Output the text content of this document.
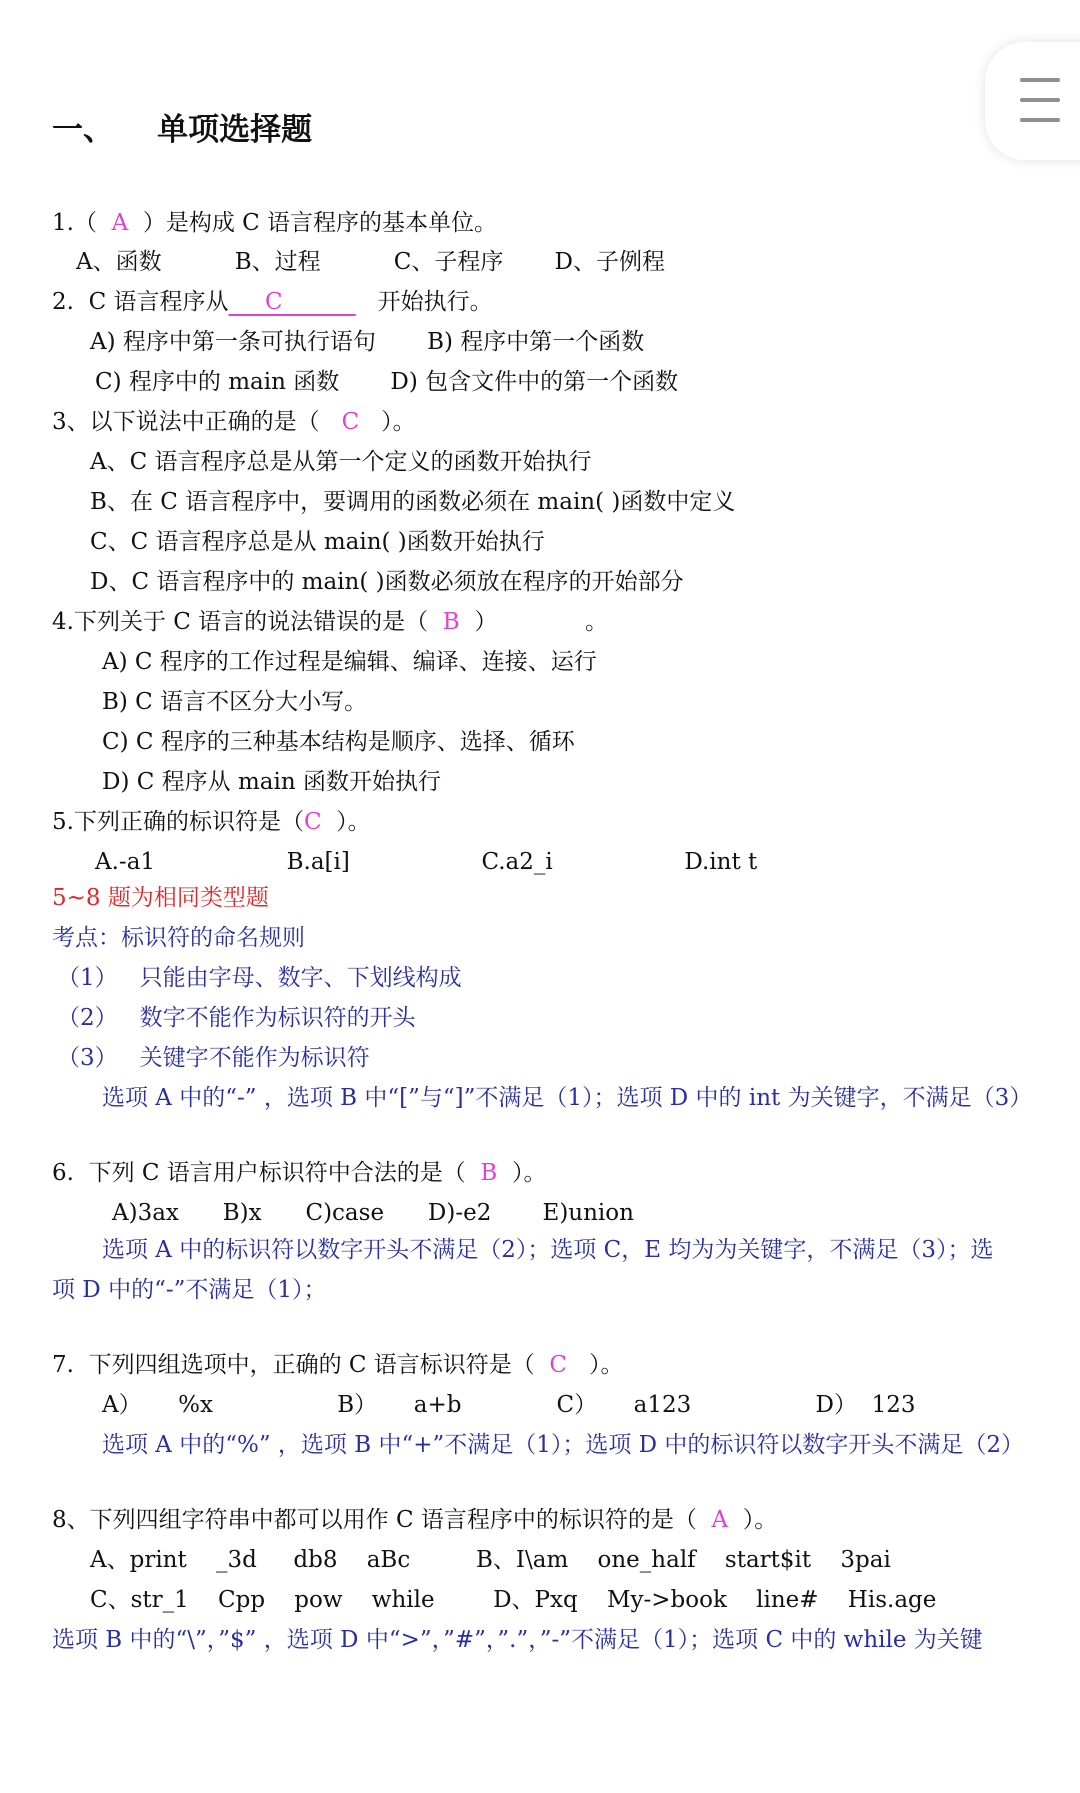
一、    单项选择题
1.（  A  ）是构成 C 语言程序的基本单位。
A、函数          B、过程          C、子程序       D、子例程
2.  C 语言程序从     C             开始执行。
A) 程序中第一条可执行语句       B) 程序中第一个函数
C) 程序中的 main 函数       D) 包含文件中的第一个函数
3、以下说法中正确的是（   C   ）。
A、C 语言程序总是从第一个定义的函数开始执行
B、在 C 语言程序中，要调用的函数必须在 main( )函数中定义
C、C 语言程序总是从 main( )函数开始执行
D、C 语言程序中的 main( )函数必须放在程序的开始部分
4.下列关于 C 语言的说法错误的是（  B  ）            。
A) C 程序的工作过程是编辑、编译、连接、运行
B) C 语言不区分大小写。
C) C 程序的三种基本结构是顺序、选择、循环
D) C 程序从 main 函数开始执行
5.下列正确的标识符是（C  ）。
A.-a1                  B.a[i]                  C.a2_i                  D.int t
5~8 题为相同类型题
考点：标识符的命名规则
（1）   只能由字母、数字、下划线构成
（2）   数字不能作为标识符的开头
（3）   关键字不能作为标识符
选项 A 中的“-” ，选项 B 中“[”与“]”不满足（1）；选项 D 中的 int 为关键字，不满足（3）
6.  下列 C 语言用户标识符中合法的是（  B  ）。
A)3ax      B)x      C)case      D)-e2       E)union
选项 A 中的标识符以数字开头不满足（2）；选项 C，E 均为为关键字，不满足（3）；选
项 D 中的“-”不满足（1）；
7.  下列四组选项中，正确的 C 语言标识符是（  C   ）。
A）     %x                 B）     a+b             C）     a123                 D）  123
选项 A 中的“%” ，选项 B 中“+”不满足（1）；选项 D 中的标识符以数字开头不满足（2）
8、下列四组字符串中都可以用作 C 语言程序中的标识符的是（  A  ）。
A、print    _3d     db8    aBc         B、I\am    one_half    start$it    3pai
C、str_1    Cpp    pow    while        D、Pxq    My->book    line#    His.age
选项 B 中的“\”，”$” ，选项 D 中“>”，”#”，”.”，”-”不满足（1）；选项 C 中的 while 为关键
